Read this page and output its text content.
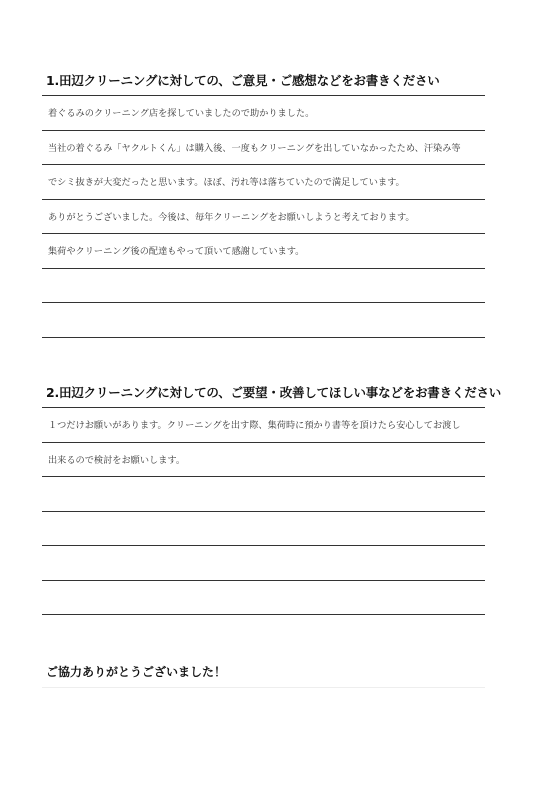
1.田辺クリーニングに対しての、ご意見・ご感想などをお書きください
着ぐるみのクリーニング店を探していましたので助かりました。
当社の着ぐるみ「ヤクルトくん」は購入後、一度もクリーニングを出していなかったため、汗染み等
でシミ抜きが大変だったと思います。ほぼ、汚れ等は落ちていたので満足しています。
ありがとうございました。今後は、毎年クリーニングをお願いしようと考えております。
集荷やクリーニング後の配達もやって頂いて感謝しています。
2.田辺クリーニングに対しての、ご要望・改善してほしい事などをお書きください
１つだけお願いがあります。クリーニングを出す際、集荷時に預かり書等を頂けたら安心してお渡し
出来るので検討をお願いします。
ご協力ありがとうございました！
